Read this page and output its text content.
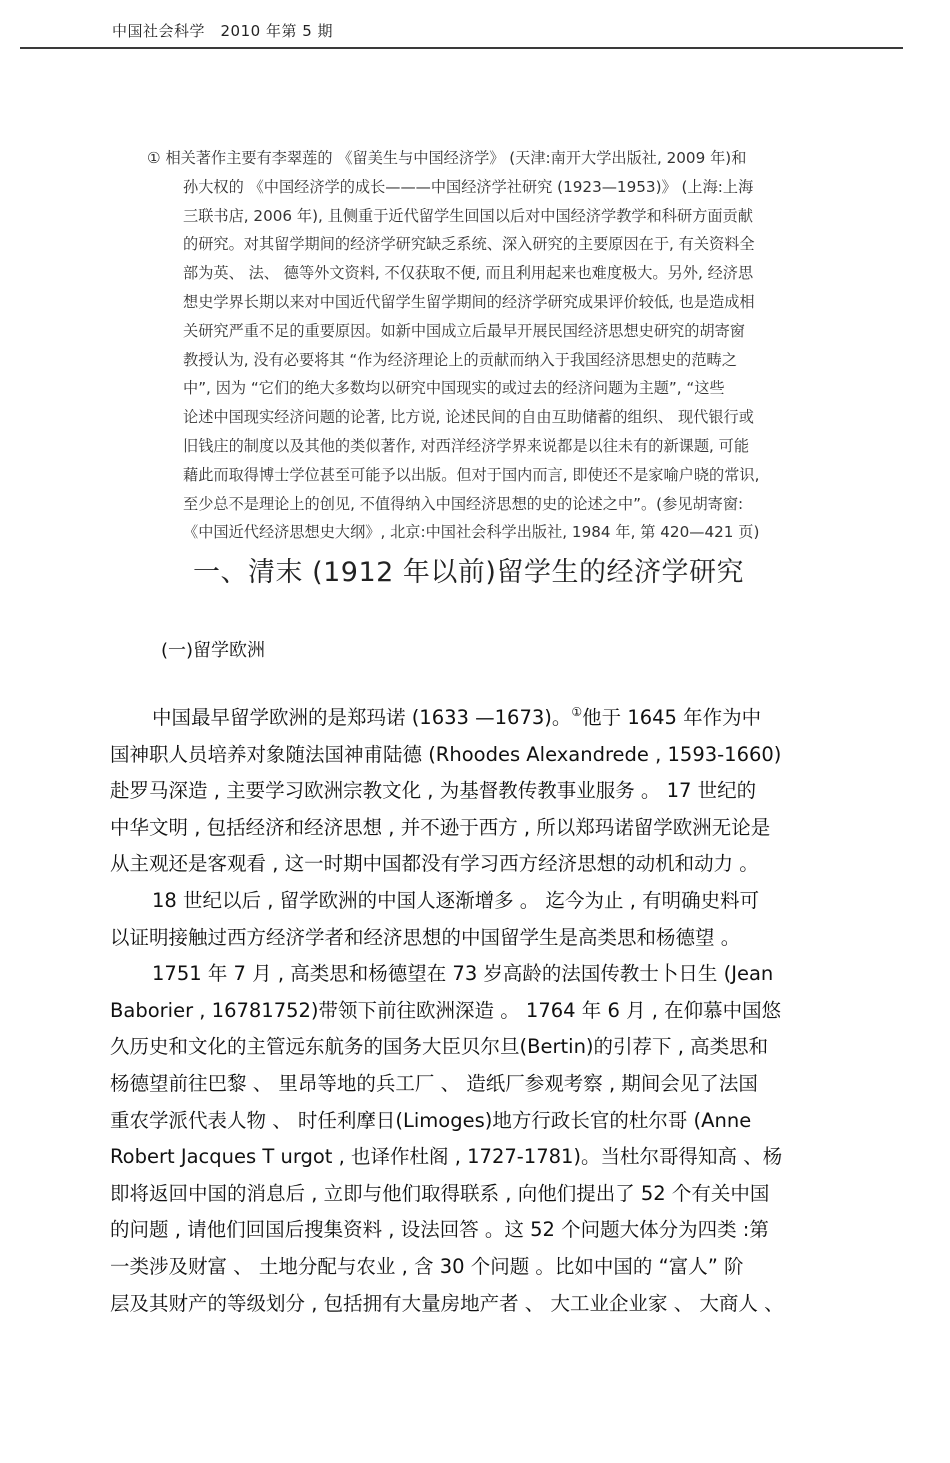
中国社会科学　2010 年第 5 期
① 相关著作主要有李翠莲的 《留美生与中国经济学》 (天津:南开大学出版社, 2009 年)和
孙大权的 《中国经济学的成长———中国经济学社研究 (1923—1953)》 (上海:上海
三联书店, 2006 年), 且侧重于近代留学生回国以后对中国经济学教学和科研方面贡献
的研究。对其留学期间的经济学研究缺乏系统、深入研究的主要原因在于, 有关资料全
部为英、 法、 德等外文资料, 不仅获取不便, 而且利用起来也难度极大。另外, 经济思
想史学界长期以来对中国近代留学生留学期间的经济学研究成果评价较低, 也是造成相
关研究严重不足的重要原因。如新中国成立后最早开展民国经济思想史研究的胡寄窗
教授认为, 没有必要将其 “作为经济理论上的贡献而纳入于我国经济思想史的范畴之
中”, 因为 “它们的绝大多数均以研究中国现实的或过去的经济问题为主题”, “这些
论述中国现实经济问题的论著, 比方说, 论述民间的自由互助储蓄的组织、 现代银行或
旧钱庄的制度以及其他的类似著作, 对西洋经济学界来说都是以往未有的新课题, 可能
藉此而取得博士学位甚至可能予以出版。但对于国内而言, 即使还不是家喻户晓的常识,
至少总不是理论上的创见, 不值得纳入中国经济思想的史的论述之中”。(参见胡寄窗:
《中国近代经济思想史大纲》, 北京:中国社会科学出版社, 1984 年, 第 420—421 页)
一、清末 (1912 年以前)留学生的经济学研究
(一)留学欧洲
中国最早留学欧洲的是郑玛诺 (1633 —1673)。①他于 1645 年作为中
国神职人员培养对象随法国神甫陆德 (Rhoodes Alexandrede , 1593-1660)
赴罗马深造 , 主要学习欧洲宗教文化 , 为基督教传教事业服务 。 17 世纪的
中华文明 , 包括经济和经济思想 , 并不逊于西方 , 所以郑玛诺留学欧洲无论是
从主观还是客观看 , 这一时期中国都没有学习西方经济思想的动机和动力 。
18 世纪以后 , 留学欧洲的中国人逐渐增多 。 迄今为止 , 有明确史料可
以证明接触过西方经济学者和经济思想的中国留学生是高类思和杨德望 。
1751 年 7 月 , 高类思和杨德望在 73 岁高龄的法国传教士卜日生 (Jean
Baborier , 16781752)带领下前往欧洲深造 。 1764 年 6 月 , 在仰慕中国悠
久历史和文化的主管远东航务的国务大臣贝尔旦(Bertin)的引荐下 , 高类思和
杨德望前往巴黎 、 里昂等地的兵工厂 、 造纸厂参观考察 , 期间会见了法国
重农学派代表人物 、 时任利摩日(Limoges)地方行政长官的杜尔哥 (Anne
Robert Jacques T urgot , 也译作杜阁 , 1727-1781)。当杜尔哥得知高 、杨
即将返回中国的消息后 , 立即与他们取得联系 , 向他们提出了 52 个有关中国
的问题 , 请他们回国后搜集资料 , 设法回答 。这 52 个问题大体分为四类 :第
一类涉及财富 、 土地分配与农业 , 含 30 个问题 。比如中国的 “富人” 阶
层及其财产的等级划分 , 包括拥有大量房地产者 、 大工业企业家 、 大商人 、
